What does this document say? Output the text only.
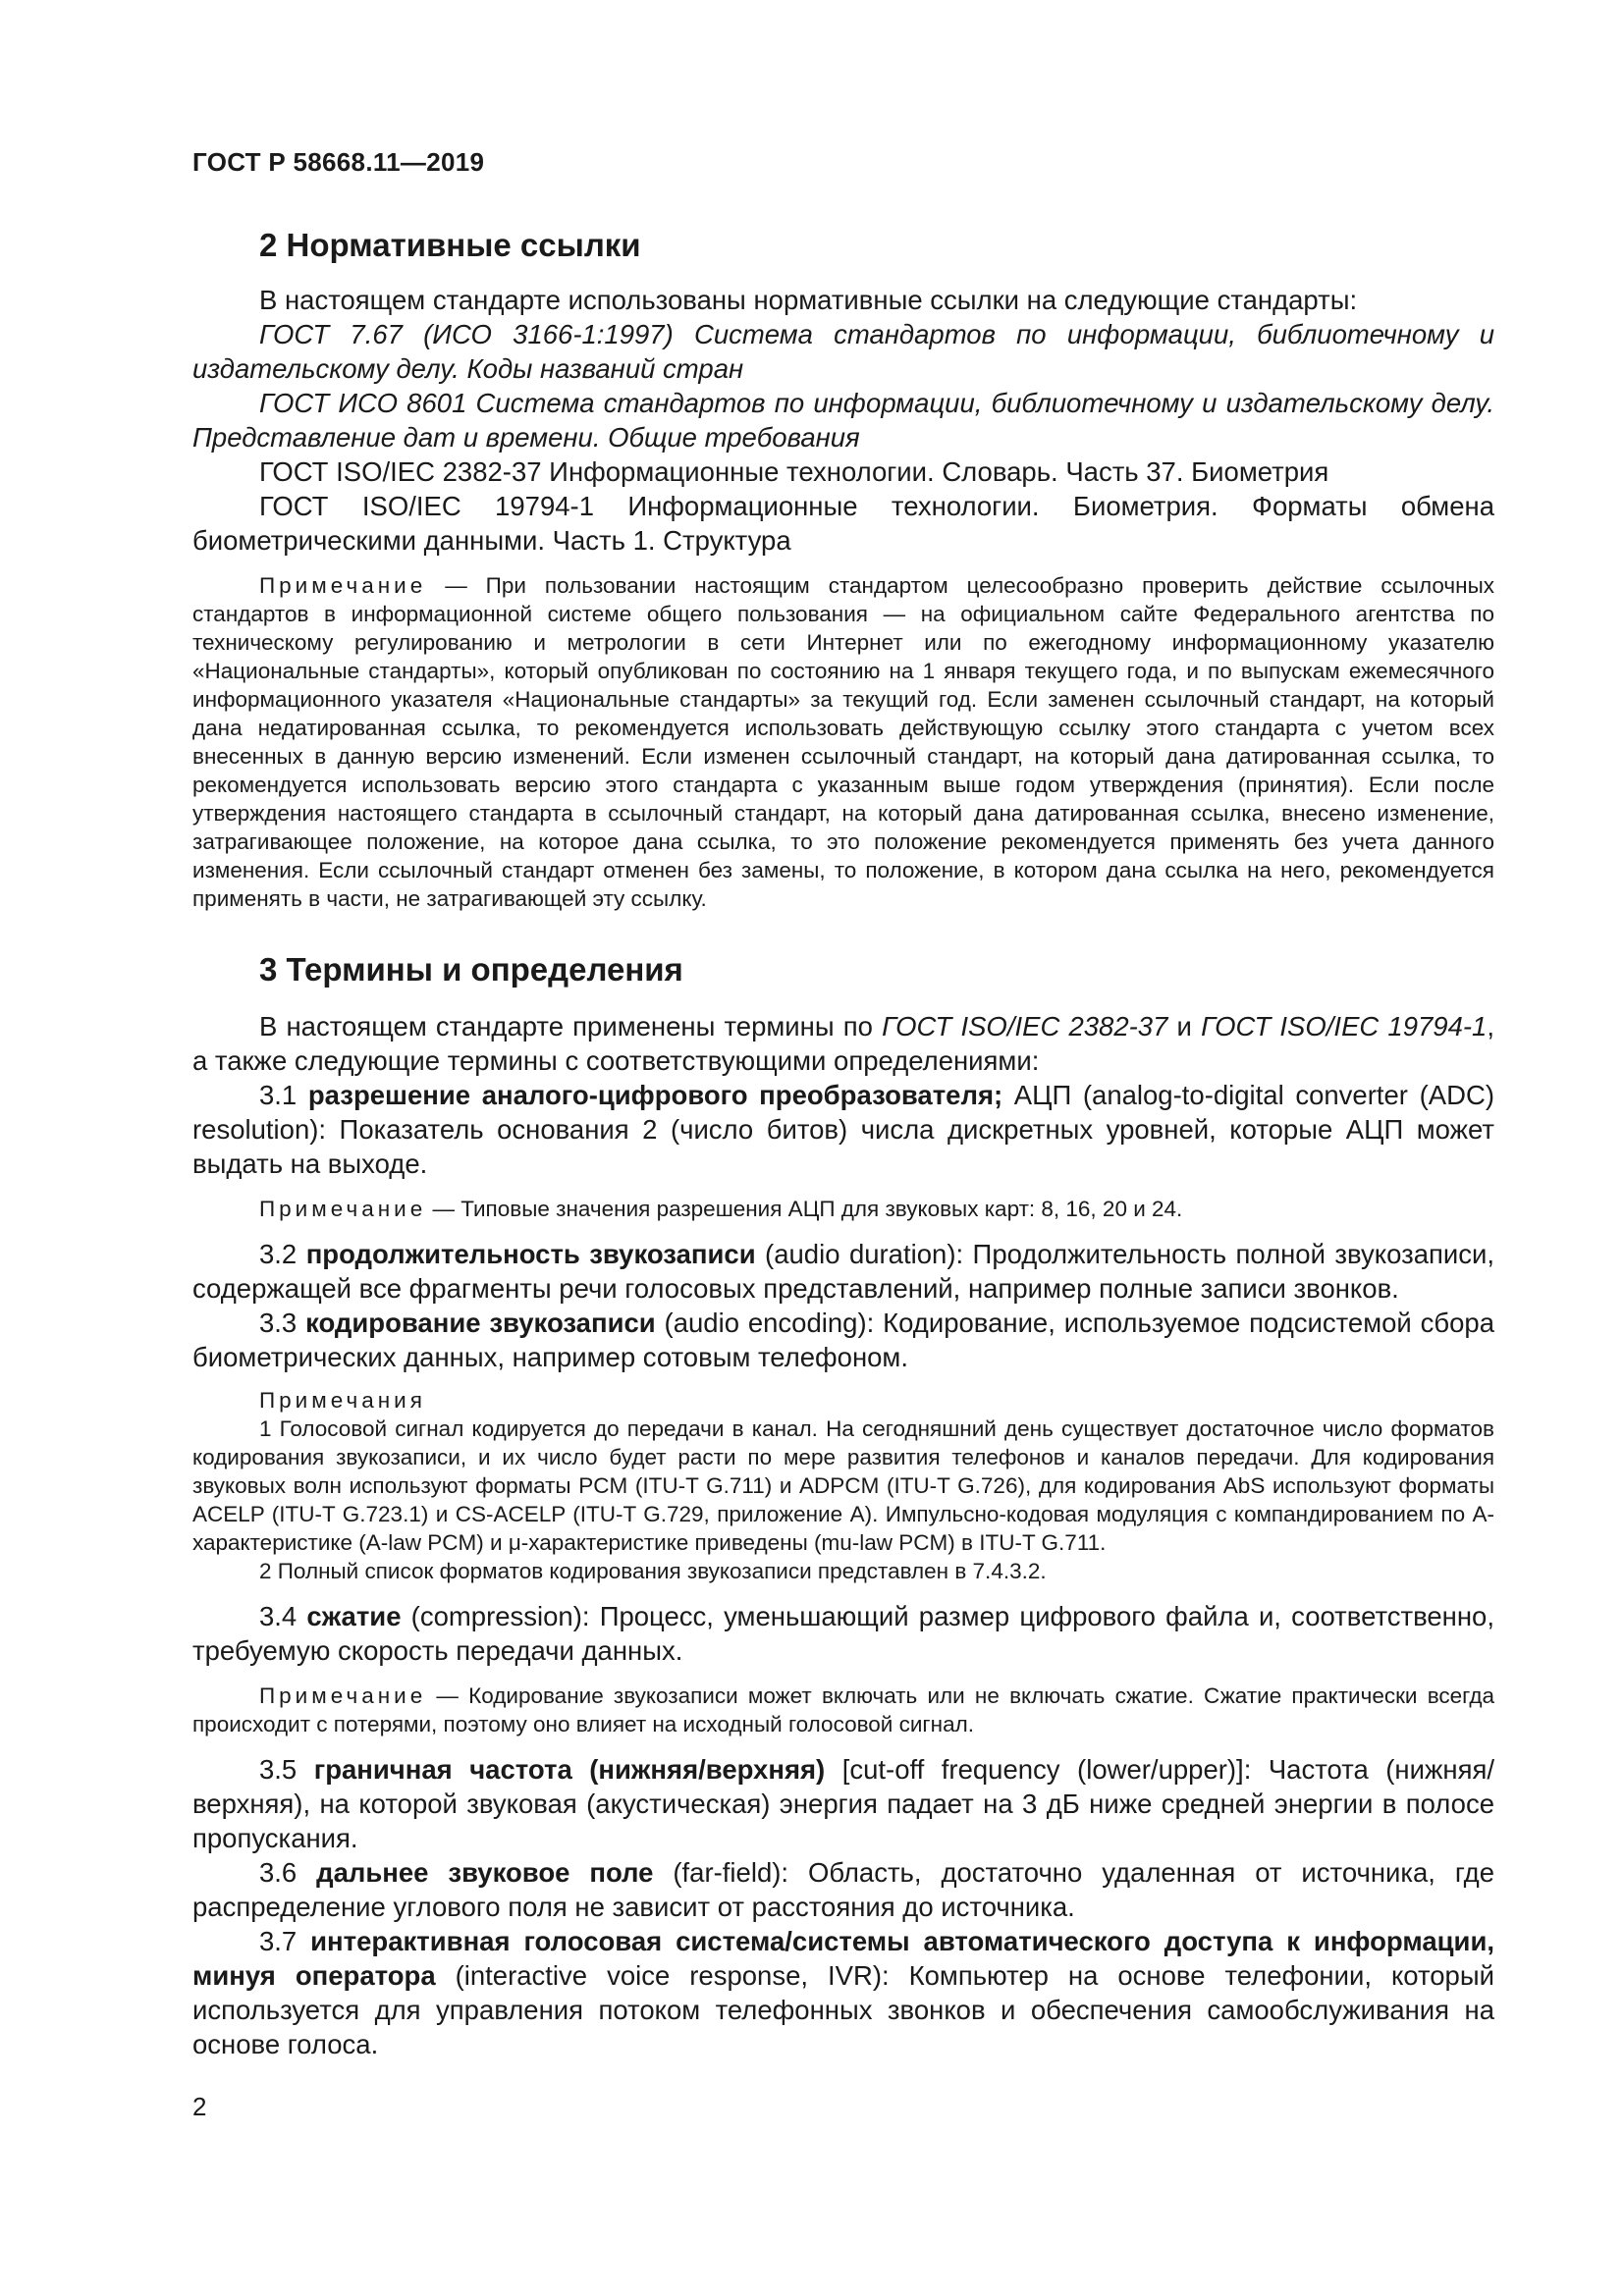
ГОСТ Р 58668.11—2019
2 Нормативные ссылки

В настоящем стандарте использованы нормативные ссылки на следующие стандарты:

ГОСТ 7.67 (ИСО 3166-1:1997) Система стандартов по информации, библиотечному и издательскому делу. Коды названий стран

ГОСТ ИСО 8601 Система стандартов по информации, библиотечному и издательскому делу. Представление дат и времени. Общие требования

ГОСТ ISO/IEC 2382-37 Информационные технологии. Словарь. Часть 37. Биометрия

ГОСТ ISO/IEC 19794-1 Информационные технологии. Биометрия. Форматы обмена биометрическими данными. Часть 1. Структура

Примечание — При пользовании настоящим стандартом целесообразно проверить действие ссылочных стандартов в информационной системе общего пользования — на официальном сайте Федерального агентства по техническому регулированию и метрологии в сети Интернет или по ежегодному информационному указателю «Национальные стандарты», который опубликован по состоянию на 1 января текущего года, и по выпускам ежемесячного информационного указателя «Национальные стандарты» за текущий год. Если заменен ссылочный стандарт, на который дана недатированная ссылка, то рекомендуется использовать действующую ссылку этого стандарта с учетом всех внесенных в данную версию изменений. Если изменен ссылочный стандарт, на который дана датированная ссылка, то рекомендуется использовать версию этого стандарта с указанным выше годом утверждения (принятия). Если после утверждения настоящего стандарта в ссылочный стандарт, на который дана датированная ссылка, внесено изменение, затрагивающее положение, на которое дана ссылка, то это положение рекомендуется применять без учета данного изменения. Если ссылочный стандарт отменен без замены, то положение, в котором дана ссылка на него, рекомендуется применять в части, не затрагивающей эту ссылку.

3 Термины и определения

В настоящем стандарте применены термины по ГОСТ ISO/IEC 2382-37 и ГОСТ ISO/IEC 19794-1, а также следующие термины с соответствующими определениями:

3.1 разрешение аналого-цифрового преобразователя; АЦП (analog-to-digital converter (ADC) resolution): Показатель основания 2 (число битов) числа дискретных уровней, которые АЦП может выдать на выходе.

Примечание — Типовые значения разрешения АЦП для звуковых карт: 8, 16, 20 и 24.

3.2 продолжительность звукозаписи (audio duration): Продолжительность полной звукозаписи, содержащей все фрагменты речи голосовых представлений, например полные записи звонков.

3.3 кодирование звукозаписи (audio encoding): Кодирование, используемое подсистемой сбора биометрических данных, например сотовым телефоном.

Примечания

1 Голосовой сигнал кодируется до передачи в канал. На сегодняшний день существует достаточное число форматов кодирования звукозаписи, и их число будет расти по мере развития телефонов и каналов передачи. Для кодирования звуковых волн используют форматы PCM (ITU-T G.711) и ADPCM (ITU-T G.726), для кодирования AbS используют форматы ACELP (ITU-T G.723.1) и CS-ACELP (ITU-T G.729, приложение А). Импульсно-кодовая модуляция с компандированием по А-характеристике (A-law PCM) и μ-характеристике приведены (mu-law PCM) в ITU-T G.711.

2 Полный список форматов кодирования звукозаписи представлен в 7.4.3.2.

3.4 сжатие (compression): Процесс, уменьшающий размер цифрового файла и, соответственно, требуемую скорость передачи данных.

Примечание — Кодирование звукозаписи может включать или не включать сжатие. Сжатие практически всегда происходит с потерями, поэтому оно влияет на исходный голосовой сигнал.

3.5 граничная частота (нижняя/верхняя) [cut-off frequency (lower/upper)]: Частота (нижняя/верхняя), на которой звуковая (акустическая) энергия падает на 3 дБ ниже средней энергии в полосе пропускания.

3.6 дальнее звуковое поле (far-field): Область, достаточно удаленная от источника, где распределение углового поля не зависит от расстояния до источника.

3.7 интерактивная голосовая система/системы автоматического доступа к информации, минуя оператора (interactive voice response, IVR): Компьютер на основе телефонии, который используется для управления потоком телефонных звонков и обеспечения самообслуживания на основе голоса.

2
